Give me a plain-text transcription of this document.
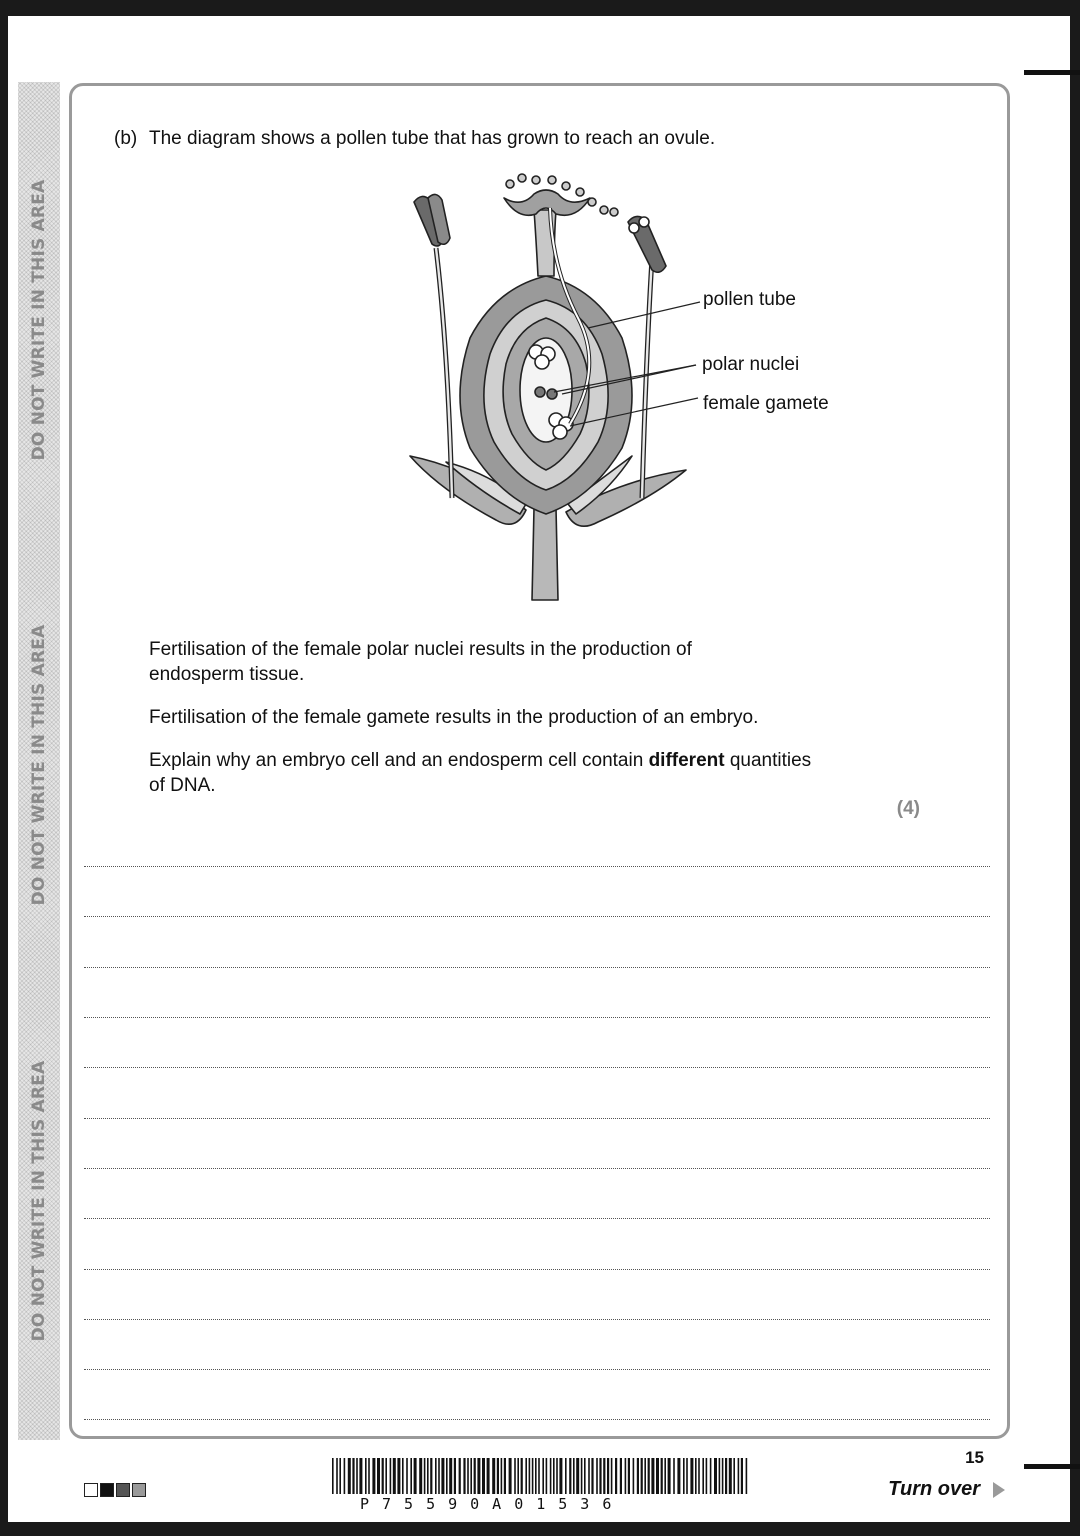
DO NOT WRITE IN THIS AREA
DO NOT WRITE IN THIS AREA
DO NOT WRITE IN THIS AREA
(b) The diagram shows a pollen tube that has grown to reach an ovule.
pollen tube
polar nuclei
female gamete
Fertilisation of the female polar nuclei results in the production of
endosperm tissue.
Fertilisation of the female gamete results in the production of an embryo.
Explain why an embryo cell and an endosperm cell contain different quantities
of DNA.
(4)
P75590A01536
15
Turn over
